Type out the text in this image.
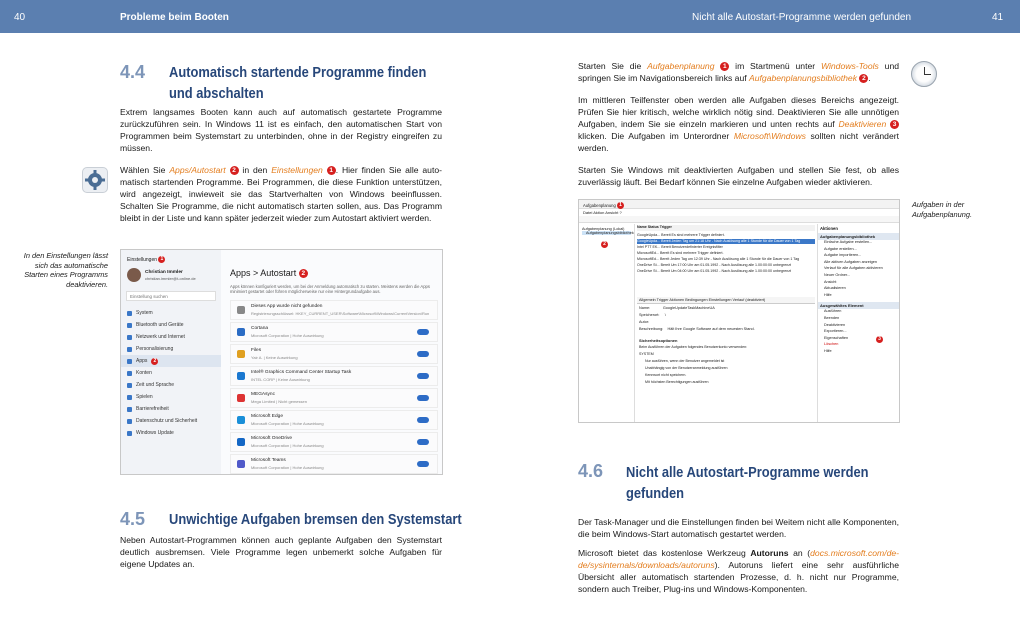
40	Probleme beim Booten	Nicht alle Autostart-Programme werden gefunden	41
4.4 Automatisch startende Programme finden
und abschalten
Extrem langsames Booten kann auch auf automatisch gestartete Programme zurückzuführen sein. In Windows 11 ist es einfach, den automatischen Start von Programmen beim Systemstart zu unterbinden, ohne in der Registry eingreifen zu müssen.
Wählen Sie Apps/Autostart 2 in den Einstellungen 1 . Hier finden Sie alle automatisch startenden Programme. Bei Programmen, die diese Funktion unterstützen, wird angezeigt, inwieweit sie das Startverhalten von Windows beeinflussen. Schalten Sie Programme, die nicht automatisch starten sollen, aus. Das Programm bleibt in der Liste und kann später jederzeit wieder zum Autostart aktiviert werden.
In den Einstellungen lässt sich das automatische Starten eines Programms deaktivieren.
Einstellungen 1
Christian Immler
christian.immler@t-online.de
Einstellung suchen
System
Bluetooth und Geräte
Netzwerk und Internet
Personalisierung
Apps	2
Konten
Zeit und Sprache
Spielen
Barrierefreiheit
Datenschutz und Sicherheit
Windows Update
Apps > Autostart 2
Apps können konfiguriert werden, um bei der Anmeldung automatisch zu starten. Meistens werden die Apps minimiert gestartet oder führen möglicherweise nur eine Hintergrundaufgabe aus.
Dieses App wurde nicht gefunden
Registrierungsschlüssel: HKEY_CURRENT_USER\Software\Microsoft\Windows\CurrentVersion\Run
Cortana
Microsoft Corporation | Hohe Auswirkung
Files
Yair A. | Keine Auswirkung
Intel® Graphics Command Center Startup Task
INTEL CORP | Keine Auswirkung
MEGAsync
Mega Limited | Nicht gemessen
Microsoft Edge
Microsoft Corporation | Hohe Auswirkung
Microsoft OneDrive
Microsoft Corporation | Hohe Auswirkung
Microsoft Teams
Microsoft Corporation | Hohe Auswirkung
4.5 Unwichtige Aufgaben bremsen den Systemstart
Neben Autostart-Programmen können auch geplante Aufgaben den Systemstart deutlich ausbremsen. Viele Programme legen unbemerkt solche Aufgaben für eigene Updates an.
Starten Sie die Aufgabenplanung 1 im Startmenü unter Windows-Tools und springen Sie im Navigationsbereich links auf Aufgabenplanungsbibliothek 2 .
Im mittleren Teilfenster oben werden alle Aufgaben dieses Bereichs angezeigt. Prüfen Sie hier kritisch, welche wirklich nötig sind. Deaktivieren Sie alle unnötigen Aufgaben, indem Sie sie einzeln markieren und unten rechts auf Deaktivieren 3 klicken. Die Aufgaben im Unterordner Microsoft\Windows sollten nicht verändert werden.
Starten Sie Windows mit deaktivierten Aufgaben und stellen Sie fest, ob alles zuverlässig läuft. Bei Bedarf können Sie einzelne Aufgaben wieder aktivieren.
Aufgaben in der Aufgabenplanung.
Aufgabenplanung 1
Datei Aktion Ansicht ?
Aufgabenplanung (Lokal)
Aufgabenplanungsbibliothek
2
Name Status Trigger
GoogleUpda... Bereit Es sind mehrere Trigger definiert.
GoogleUpda... Bereit Jeden Tag um 21:18 Uhr - Nach Auslösung alle 1 Stunde für die Dauer von 1 Tag
Intel PTT EK... Bereit Benutzerdefinierter Ereignisfilter
MicrosoftEd... Bereit Es sind mehrere Trigger definiert.
MicrosoftEd... Bereit Jeden Tag um 12:39 Uhr - Nach Auslösung alle 1 Stunde für die Dauer von 1 Tag
OneDrive St... Bereit Um 17:00 Uhr am 01.05.1992 - Nach Auslösung alle 1.00:00:00 unbegrenzt
OneDrive St... Bereit Um 04:00 Uhr am 01.05.1992 - Nach Auslösung alle 1.00:00:00 unbegrenzt
Allgemein Trigger Aktionen Bedingungen Einstellungen Verlauf (deaktiviert)
Name:            GoogleUpdateTaskMachineUA
Speicherort:     \
Autor:
Beschreibung:    Hält Ihre Google Software auf dem neuesten Stand.
Sicherheitsoptionen
Beim Ausführen der Aufgaben folgendes Benutzerkonto verwenden:
SYSTEM
Nur ausführen, wenn der Benutzer angemeldet ist
Unabhängig von der Benutzeranmeldung ausführen
Kennwort nicht speichern.
Mit höchsten Berechtigungen ausführen
Aktionen
Aufgabenplanungsbibliothek
Einfache Aufgabe erstellen...
Aufgabe erstellen...
Aufgabe importieren...
Alle aktiven Aufgaben anzeigen
Verlauf für alle Aufgaben aktivieren
Neuer Ordner...
Ansicht
Aktualisieren
Hilfe
Ausgewähltes Element
Ausführen
Beenden
Deaktivieren
Exportieren...
Eigenschaften
Löschen
Hilfe
3
4.6 Nicht alle Autostart-Programme werden
gefunden
Der Task-Manager und die Einstellungen finden bei Weitem nicht alle Komponenten, die beim Windows-Start automatisch gestartet werden.
Microsoft bietet das kostenlose Werkzeug Autoruns an (docs.microsoft.com/de-de/sysinternals/downloads/autoruns). Autoruns liefert eine sehr ausführliche Übersicht aller automatisch startenden Prozesse, d. h. nicht nur Programme, sondern auch Treiber, Plug-ins und Windows-Komponenten.
